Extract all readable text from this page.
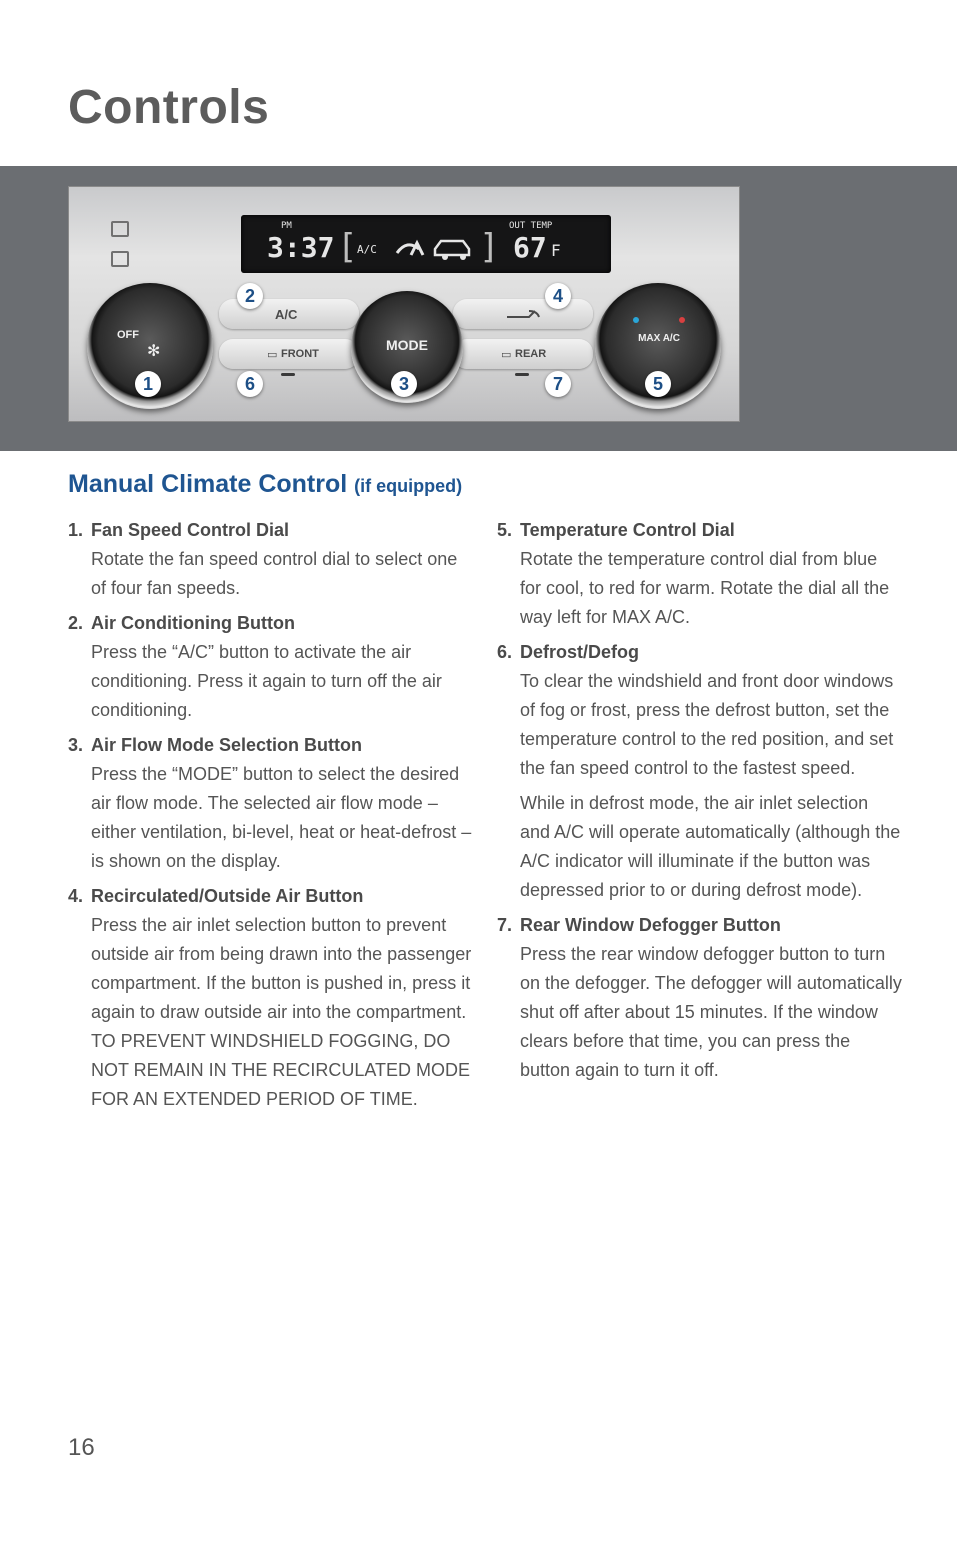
Controls
PM
3:37 [ A/C	]
OUT TEMP
67 F
A/C
▭ FRONT	▭ REAR
OFF
✻	MODE	MAX A/C
2	4
1	6	3	7	5
Manual Climate Control (if equipped)
1. Fan Speed Control Dial

Rotate the fan speed control dial to select one of four fan speeds.

2. Air Conditioning Button

Press the “A/C” button to activate the air conditioning. Press it again to turn off the air conditioning.

3. Air Flow Mode Selection Button

Press the “MODE” button to select the desired air flow mode. The selected air flow mode – either ventilation, bi-level, heat or heat-defrost – is shown on the display.

4. Recirculated/Outside Air Button

Press the air inlet selection button to prevent outside air from being drawn into the passenger compartment. If the button is pushed in, press it again to draw outside air into the compartment. TO PREVENT WINDSHIELD FOGGING, DO NOT REMAIN IN THE RECIRCULATED MODE FOR AN EXTENDED PERIOD OF TIME.

5. Temperature Control Dial

Rotate the temperature control dial from blue for cool, to red for warm. Rotate the dial all the way left for MAX A/C.

6. Defrost/Defog

To clear the windshield and front door windows of fog or frost, press the defrost button, set the temperature control to the red position, and set the fan speed control to the fastest speed.

While in defrost mode, the air inlet selection and A/C will operate automatically (although the A/C indicator will illuminate if the button was depressed prior to or during defrost mode).

7. Rear Window Defogger Button

Press the rear window defogger button to turn on the defogger. The defogger will automatically shut off after about 15 minutes. If the window clears before that time, you can press the button again to turn it off.

16
